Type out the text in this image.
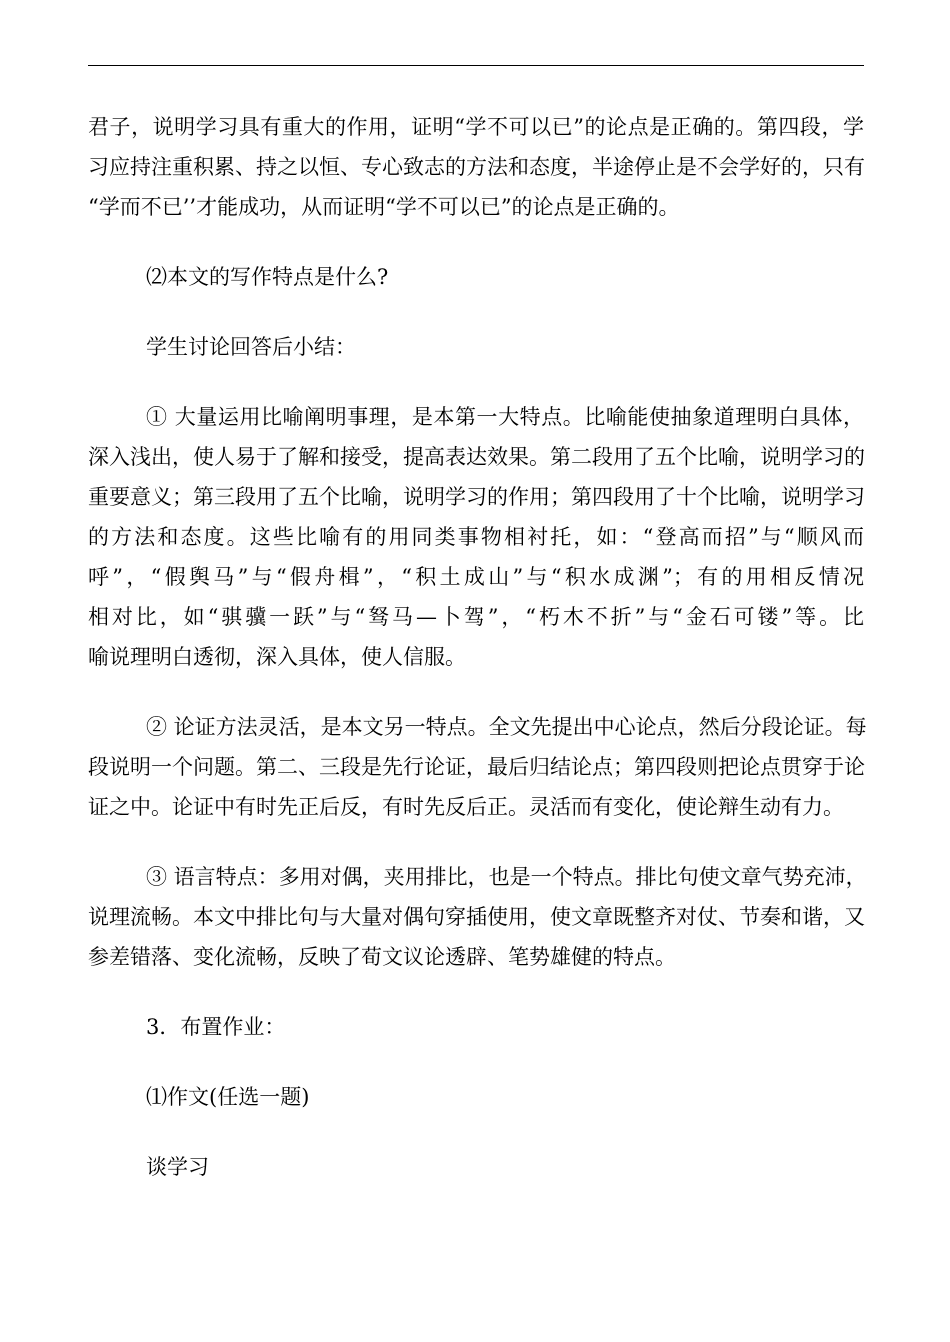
君子，说明学习具有重大的作用，证明“学不可以已”的论点是正确的。第四段，学
习应持注重积累、持之以恒、专心致志的方法和态度，半途停止是不会学好的，只有
“学而不已’’才能成功，从而证明“学不可以已”的论点是正确的。
⑵本文的写作特点是什么?
学生讨论回答后小结：
① 大量运用比喻阐明事理，是本第一大特点。比喻能使抽象道理明白具体，
深入浅出，使人易于了解和接受，提高表达效果。第二段用了五个比喻，说明学习的
重要意义；第三段用了五个比喻，说明学习的作用；第四段用了十个比喻，说明学习
的方法和态度。这些比喻有的用同类事物相衬托，如：“登高而招”与“顺风而
呼”，“假舆马”与“假舟楫”，“积土成山”与“积水成渊”；有的用相反情况
相对比，如“骐骥一跃”与“驽马—卜驾”，“朽木不折”与“金石可镂”等。比
喻说理明白透彻，深入具体，使人信服。
② 论证方法灵活，是本文另一特点。全文先提出中心论点，然后分段论证。每
段说明一个问题。第二、三段是先行论证，最后归结论点；第四段则把论点贯穿于论
证之中。论证中有时先正后反，有时先反后正。灵活而有变化，使论辩生动有力。
③ 语言特点：多用对偶，夹用排比，也是一个特点。排比句使文章气势充沛，
说理流畅。本文中排比句与大量对偶句穿插使用，使文章既整齐对仗、节奏和谐，又
参差错落、变化流畅，反映了荀文议论透辟、笔势雄健的特点。
3．布置作业：
⑴作文(任选一题)
谈学习
